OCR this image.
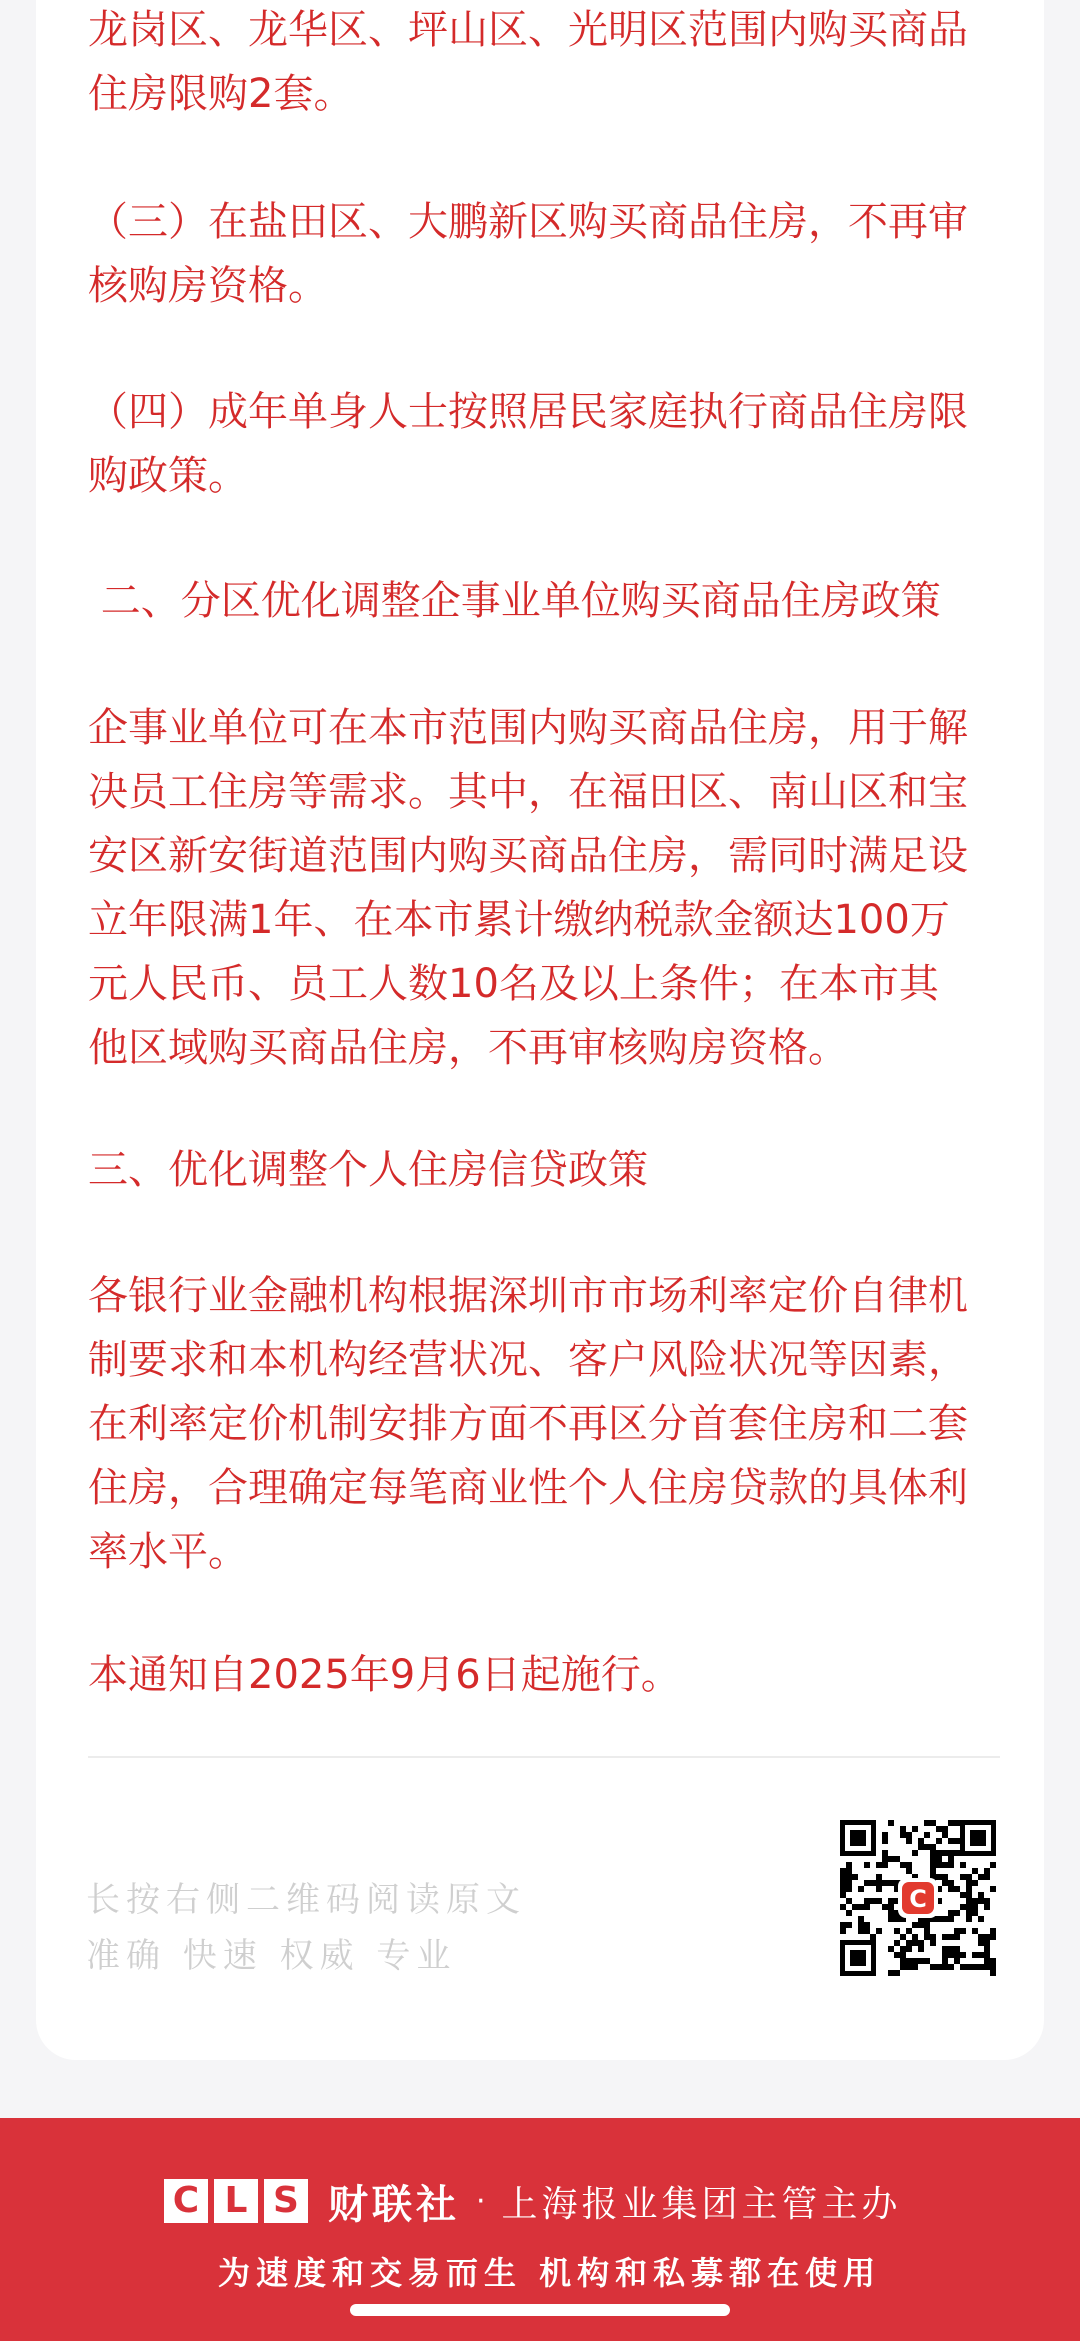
龙岗区、龙华区、坪山区、光明区范围内购买商品
住房限购2套。

（三）在盐田区、大鹏新区购买商品住房，不再审
核购房资格。

（四）成年单身人士按照居民家庭执行商品住房限
购政策。

二、分区优化调整企事业单位购买商品住房政策

企事业单位可在本市范围内购买商品住房，用于解
决员工住房等需求。其中，在福田区、南山区和宝
安区新安街道范围内购买商品住房，需同时满足设
立年限满1年、在本市累计缴纳税款金额达100万
元人民币、员工人数10名及以上条件；在本市其
他区域购买商品住房，不再审核购房资格。

三、优化调整个人住房信贷政策

各银行业金融机构根据深圳市市场利率定价自律机
制要求和本机构经营状况、客户风险状况等因素，
在利率定价机制安排方面不再区分首套住房和二套
住房，合理确定每笔商业性个人住房贷款的具体利
率水平。

本通知自2025年9月6日起施行。

长按右侧二维码阅读原文
准确 快速 权威 专业
C
C L S 财联社 · 上海报业集团主管主办
为速度和交易而生 机构和私募都在使用
